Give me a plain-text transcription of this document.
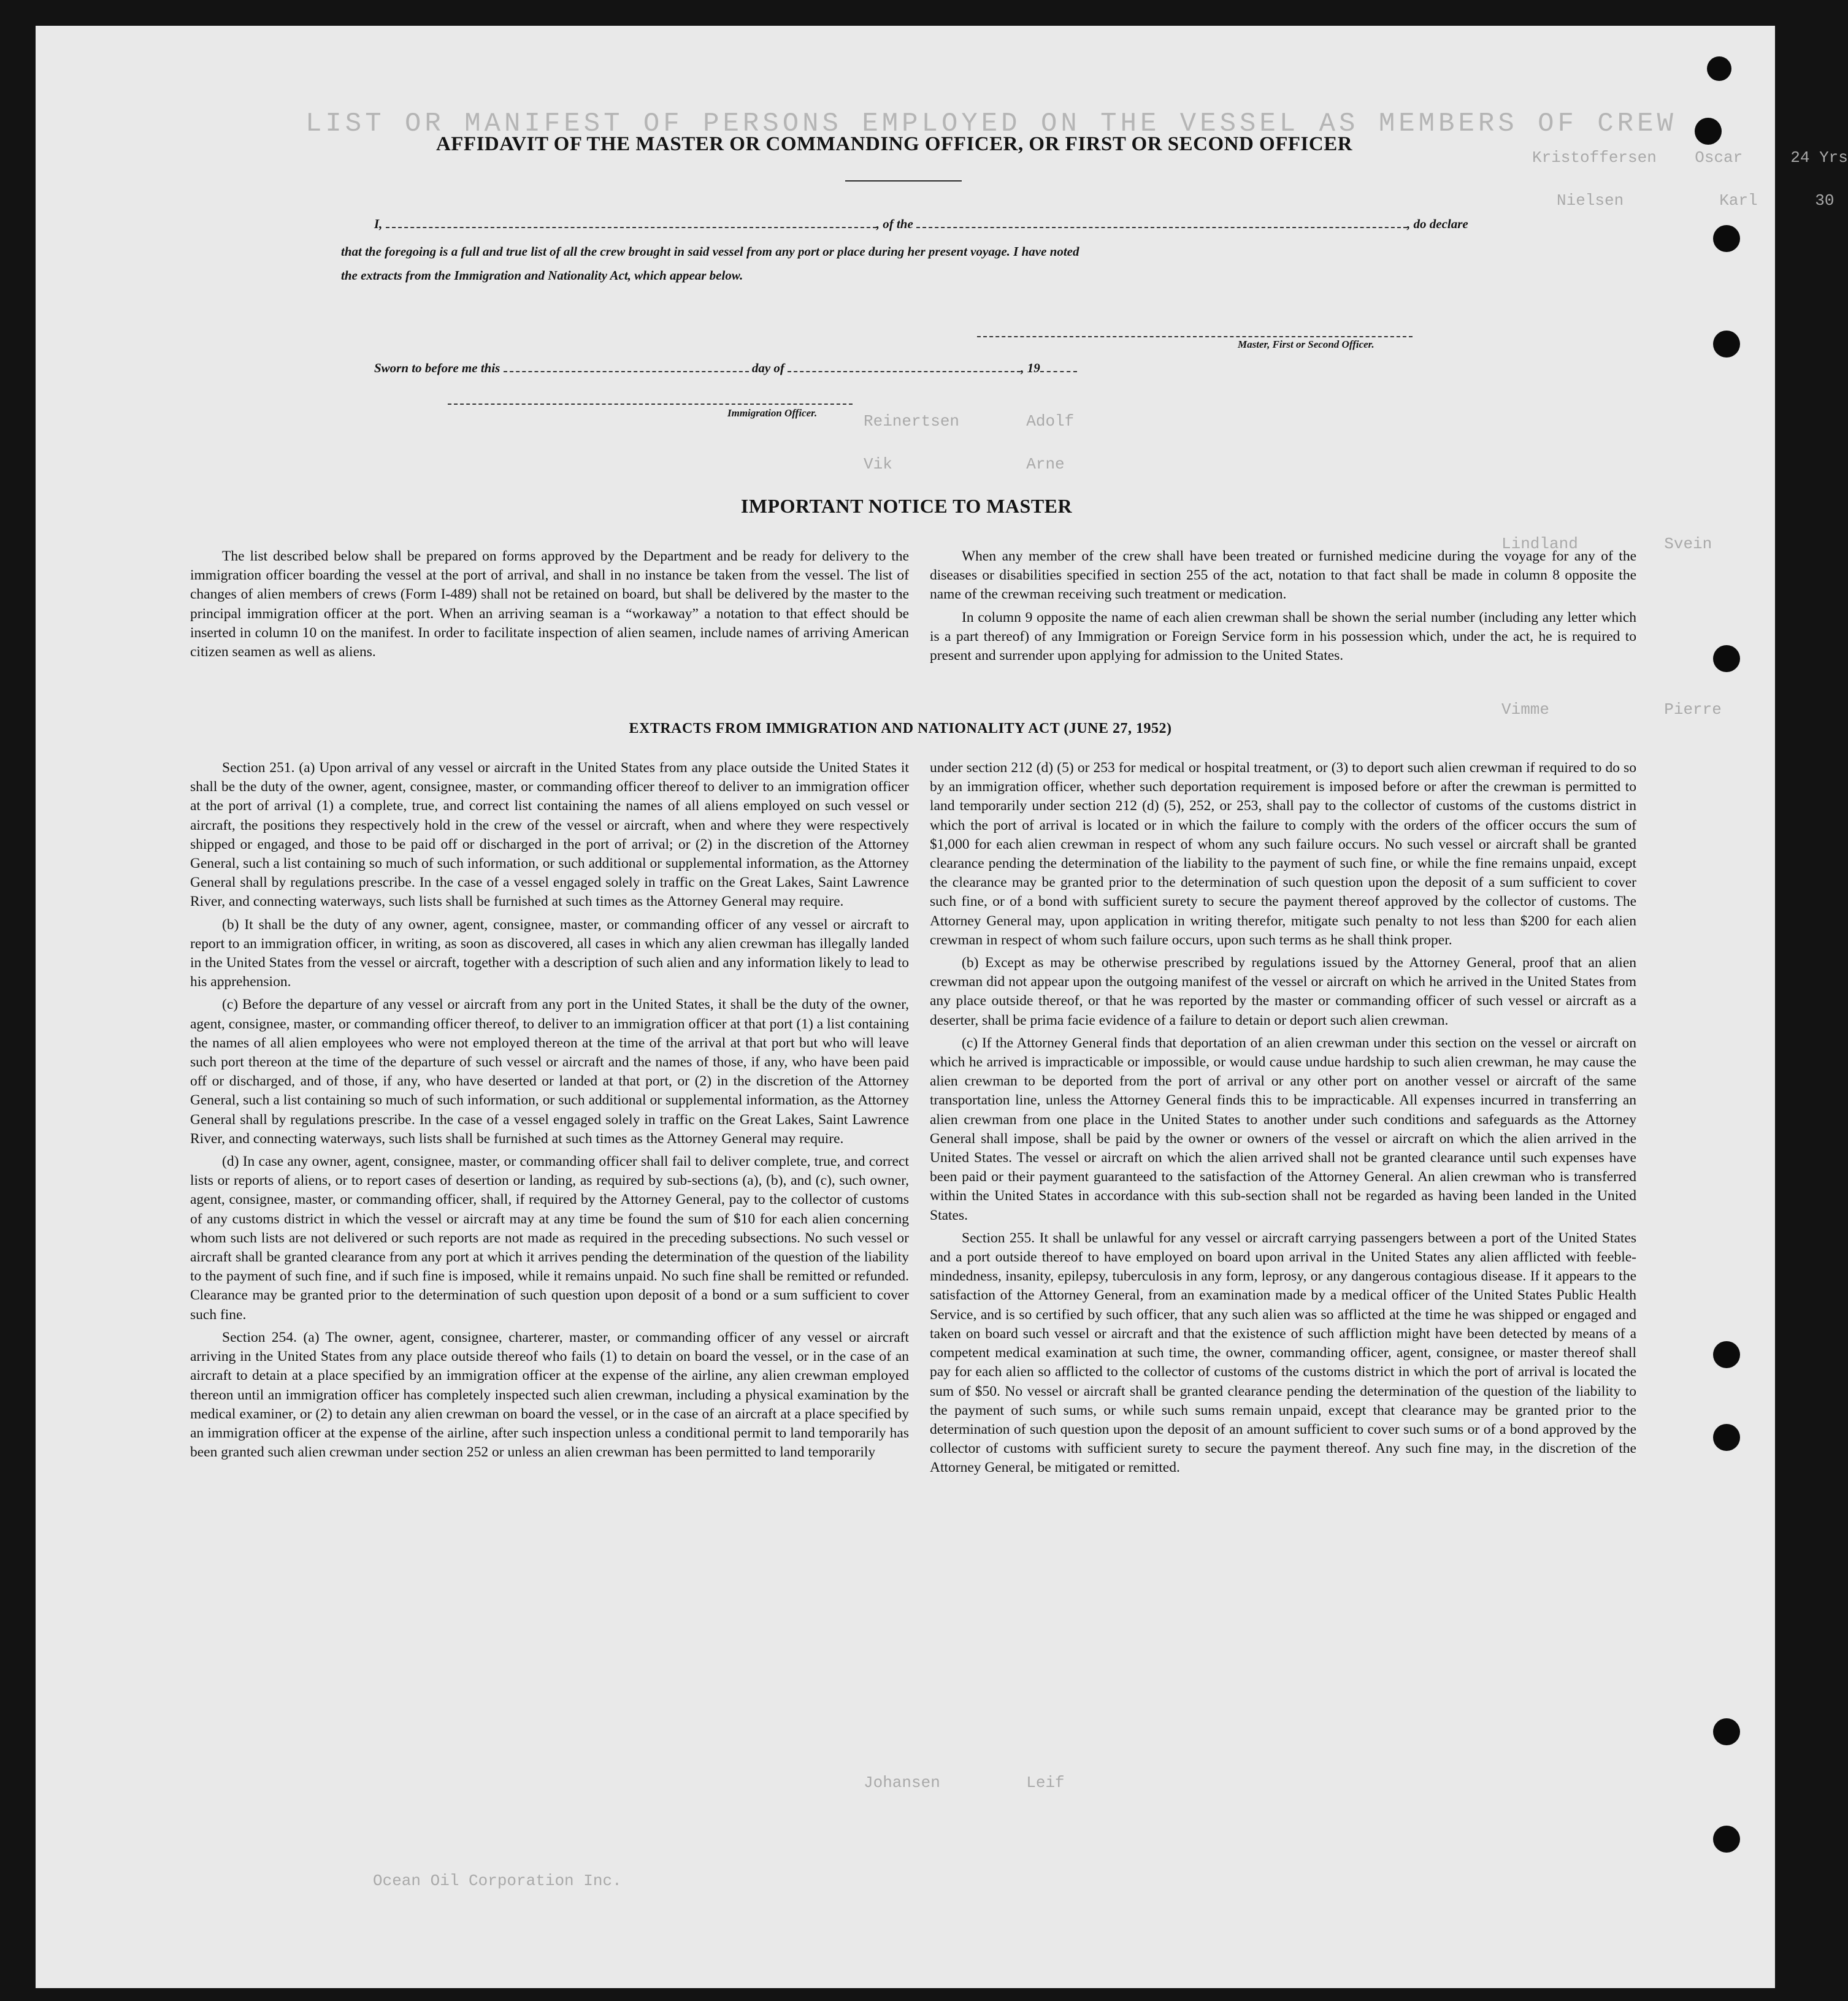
LIST OR MANIFEST OF PERSONS EMPLOYED ON THE VESSEL AS MEMBERS OF CREW
Kristoffersen    Oscar     24 Yrs
Nielsen          Karl      30
Reinertsen       Adolf
Vik              Arne
Lindland         Svein
Vimme            Pierre
Johansen         Leif
Ocean Oil Corporation Inc.
AFFIDAVIT OF THE MASTER OR COMMANDING OFFICER, OR FIRST OR SECOND OFFICER
I,	, of the	, do declare
that the foregoing is a full and true list of all the crew brought in said vessel from any port or place during her present voyage. I have noted
the extracts from the Immigration and Nationality Act, which appear below.
Master, First or Second Officer.
Sworn to before me this	day of	, 19
Immigration Officer.
IMPORTANT NOTICE TO MASTER

The list described below shall be prepared on forms approved by the Department and be ready for delivery to the immigration officer boarding the vessel at the port of arrival, and shall in no instance be taken from the vessel. The list of changes of alien members of crews (Form I-489) shall not be retained on board, but shall be delivered by the master to the principal immigration officer at the port. When an arriving seaman is a “workaway” a notation to that effect should be inserted in column 10 on the manifest. In order to facilitate inspection of alien seamen, include names of arriving American citizen seamen as well as aliens.

When any member of the crew shall have been treated or furnished medicine during the voyage for any of the diseases or disabilities specified in section 255 of the act, notation to that fact shall be made in column 8 opposite the name of the crewman receiving such treatment or medication.

In column 9 opposite the name of each alien crewman shall be shown the serial number (including any letter which is a part thereof) of any Immigration or Foreign Service form in his possession which, under the act, he is required to present and surrender upon applying for admission to the United States.

EXTRACTS FROM IMMIGRATION AND NATIONALITY ACT (JUNE 27, 1952)

Section 251. (a) Upon arrival of any vessel or aircraft in the United States from any place outside the United States it shall be the duty of the owner, agent, consignee, master, or commanding officer thereof to deliver to an immigration officer at the port of arrival (1) a complete, true, and correct list containing the names of all aliens employed on such vessel or aircraft, the positions they respectively hold in the crew of the vessel or aircraft, when and where they were respectively shipped or engaged, and those to be paid off or discharged in the port of arrival; or (2) in the discretion of the Attorney General, such a list containing so much of such information, or such additional or supplemental information, as the Attorney General shall by regulations prescribe. In the case of a vessel engaged solely in traffic on the Great Lakes, Saint Lawrence River, and connecting waterways, such lists shall be furnished at such times as the Attorney General may require.

(b) It shall be the duty of any owner, agent, consignee, master, or commanding officer of any vessel or aircraft to report to an immigration officer, in writing, as soon as discovered, all cases in which any alien crewman has illegally landed in the United States from the vessel or aircraft, together with a description of such alien and any information likely to lead to his apprehension.

(c) Before the departure of any vessel or aircraft from any port in the United States, it shall be the duty of the owner, agent, consignee, master, or commanding officer thereof, to deliver to an immigration officer at that port (1) a list containing the names of all alien employees who were not employed thereon at the time of the arrival at that port but who will leave such port thereon at the time of the departure of such vessel or aircraft and the names of those, if any, who have been paid off or discharged, and of those, if any, who have deserted or landed at that port, or (2) in the discretion of the Attorney General, such a list containing so much of such information, or such additional or supplemental information, as the Attorney General shall by regulations prescribe. In the case of a vessel engaged solely in traffic on the Great Lakes, Saint Lawrence River, and connecting waterways, such lists shall be furnished at such times as the Attorney General may require.

(d) In case any owner, agent, consignee, master, or commanding officer shall fail to deliver complete, true, and correct lists or reports of aliens, or to report cases of desertion or landing, as required by sub-sections (a), (b), and (c), such owner, agent, consignee, master, or commanding officer, shall, if required by the Attorney General, pay to the collector of customs of any customs district in which the vessel or aircraft may at any time be found the sum of $10 for each alien concerning whom such lists are not delivered or such reports are not made as required in the preceding subsections. No such vessel or aircraft shall be granted clearance from any port at which it arrives pending the determination of the question of the liability to the payment of such fine, and if such fine is imposed, while it remains unpaid. No such fine shall be remitted or refunded. Clearance may be granted prior to the determination of such question upon deposit of a bond or a sum sufficient to cover such fine.

Section 254. (a) The owner, agent, consignee, charterer, master, or commanding officer of any vessel or aircraft arriving in the United States from any place outside thereof who fails (1) to detain on board the vessel, or in the case of an aircraft to detain at a place specified by an immigration officer at the expense of the airline, any alien crewman employed thereon until an immigration officer has completely inspected such alien crewman, including a physical examination by the medical examiner, or (2) to detain any alien crewman on board the vessel, or in the case of an aircraft at a place specified by an immigration officer at the expense of the airline, after such inspection unless a conditional permit to land temporarily has been granted such alien crewman under section 252 or unless an alien crewman has been permitted to land temporarily

under section 212 (d) (5) or 253 for medical or hospital treatment, or (3) to deport such alien crewman if required to do so by an immigration officer, whether such deportation requirement is imposed before or after the crewman is permitted to land temporarily under section 212 (d) (5), 252, or 253, shall pay to the collector of customs of the customs district in which the port of arrival is located or in which the failure to comply with the orders of the officer occurs the sum of $1,000 for each alien crewman in respect of whom any such failure occurs. No such vessel or aircraft shall be granted clearance pending the determination of the liability to the payment of such fine, or while the fine remains unpaid, except the clearance may be granted prior to the determination of such question upon the deposit of a sum sufficient to cover such fine, or of a bond with sufficient surety to secure the payment thereof approved by the collector of customs. The Attorney General may, upon application in writing therefor, mitigate such penalty to not less than $200 for each alien crewman in respect of whom such failure occurs, upon such terms as he shall think proper.

(b) Except as may be otherwise prescribed by regulations issued by the Attorney General, proof that an alien crewman did not appear upon the outgoing manifest of the vessel or aircraft on which he arrived in the United States from any place outside thereof, or that he was reported by the master or commanding officer of such vessel or aircraft as a deserter, shall be prima facie evidence of a failure to detain or deport such alien crewman.

(c) If the Attorney General finds that deportation of an alien crewman under this section on the vessel or aircraft on which he arrived is impracticable or impossible, or would cause undue hardship to such alien crewman, he may cause the alien crewman to be deported from the port of arrival or any other port on another vessel or aircraft of the same transportation line, unless the Attorney General finds this to be impracticable. All expenses incurred in transferring an alien crewman from one place in the United States to another under such conditions and safeguards as the Attorney General shall impose, shall be paid by the owner or owners of the vessel or aircraft on which the alien arrived in the United States. The vessel or aircraft on which the alien arrived shall not be granted clearance until such expenses have been paid or their payment guaranteed to the satisfaction of the Attorney General. An alien crewman who is transferred within the United States in accordance with this sub-section shall not be regarded as having been landed in the United States.

Section 255. It shall be unlawful for any vessel or aircraft carrying passengers between a port of the United States and a port outside thereof to have employed on board upon arrival in the United States any alien afflicted with feeble-mindedness, insanity, epilepsy, tuberculosis in any form, leprosy, or any dangerous contagious disease. If it appears to the satisfaction of the Attorney General, from an examination made by a medical officer of the United States Public Health Service, and is so certified by such officer, that any such alien was so afflicted at the time he was shipped or engaged and taken on board such vessel or aircraft and that the existence of such affliction might have been detected by means of a competent medical examination at such time, the owner, commanding officer, agent, consignee, or master thereof shall pay for each alien so afflicted to the collector of customs of the customs district in which the port of arrival is located the sum of $50. No vessel or aircraft shall be granted clearance pending the determination of the question of the liability to the payment of such sums, or while such sums remain unpaid, except that clearance may be granted prior to the determination of such question upon the deposit of an amount sufficient to cover such sums or of a bond approved by the collector of customs with sufficient surety to secure the payment thereof. Any such fine may, in the discretion of the Attorney General, be mitigated or remitted.
